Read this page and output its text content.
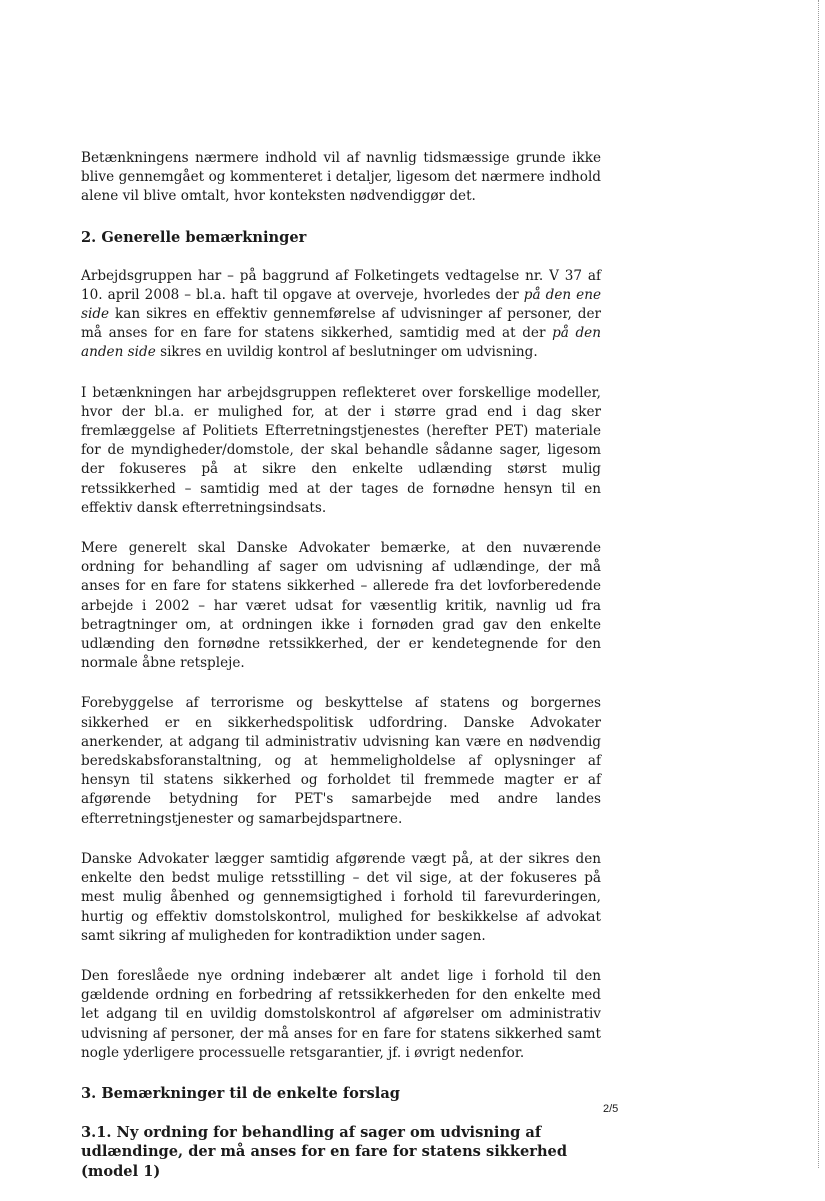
Betænkningens nærmere indhold vil af navnlig tidsmæssige grunde ikke blive gennemgået og kommenteret i detaljer, ligesom det nærmere indhold alene vil blive omtalt, hvor konteksten nødvendiggør det.

2. Generelle bemærkninger

Arbejdsgruppen har – på baggrund af Folketingets vedtagelse nr. V 37 af 10. april 2008 – bl.a. haft til opgave at overveje, hvorledes der på den ene side kan sikres en effektiv gennemførelse af udvisninger af personer, der må anses for en fare for statens sikkerhed, samtidig med at der på den anden side sikres en uvildig kontrol af beslutninger om udvisning.

I betænkningen har arbejdsgruppen reflekteret over forskellige modeller, hvor der bl.a. er mulighed for, at der i større grad end i dag sker fremlæggelse af Politiets Efterretningstjenestes (herefter PET) materiale for de myndigheder/domstole, der skal behandle sådanne sager, ligesom der fokuseres på at sikre den enkelte udlænding størst mulig retssikkerhed – samtidig med at der tages de fornødne hensyn til en effektiv dansk efterretningsindsats.

Mere generelt skal Danske Advokater bemærke, at den nuværende ordning for behandling af sager om udvisning af udlændinge, der må anses for en fare for statens sikkerhed – allerede fra det lovforberedende arbejde i 2002 – har været udsat for væsentlig kritik, navnlig ud fra betragtninger om, at ordningen ikke i fornøden grad gav den enkelte udlænding den fornødne retssikkerhed, der er kendetegnende for den normale åbne retspleje.

Forebyggelse af terrorisme og beskyttelse af statens og borgernes sikkerhed er en sikkerhedspolitisk udfordring. Danske Advokater anerkender, at adgang til administrativ udvisning kan være en nødvendig beredskabsforanstaltning, og at hemmeligholdelse af oplysninger af hensyn til statens sikkerhed og forholdet til fremmede magter er af afgørende betydning for PET's samarbejde med andre landes efterretningstjenester og samarbejdspartnere.

Danske Advokater lægger samtidig afgørende vægt på, at der sikres den enkelte den bedst mulige retsstilling – det vil sige, at der fokuseres på mest mulig åbenhed og gennemsigtighed i forhold til farevurderingen, hurtig og effektiv domstolskontrol, mulighed for beskikkelse af advokat samt sikring af muligheden for kontradiktion under sagen.

Den foreslåede nye ordning indebærer alt andet lige i forhold til den gældende ordning en forbedring af retssikkerheden for den enkelte med let adgang til en uvildig domstolskontrol af afgørelser om administrativ udvisning af personer, der må anses for en fare for statens sikkerhed samt nogle yderligere processuelle retsgarantier, jf. i øvrigt nedenfor.

3. Bemærkninger til de enkelte forslag
3.1. Ny ordning for behandling af sager om udvisning af udlændinge, der må anses for en fare for statens sikkerhed (model 1)
2/5
